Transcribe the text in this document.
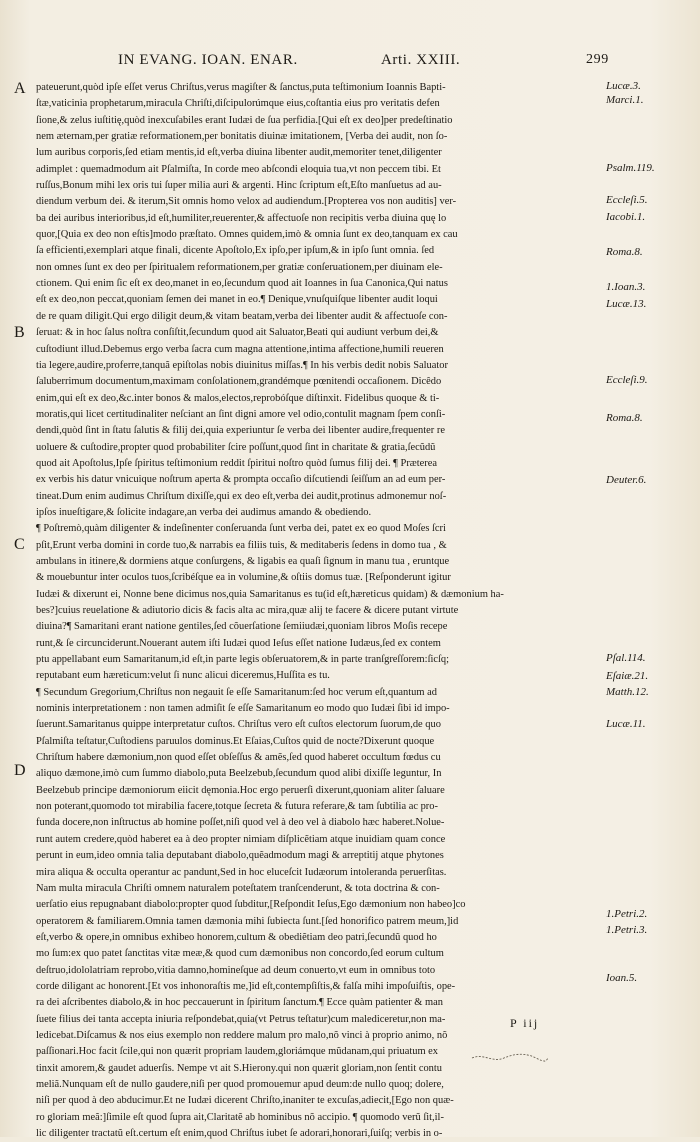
IN EVANG. IOAN. ENAR.	Arti. XXIII.	299
A
B
C
D
pateuerunt,quòd ipſe eſſet verus Chriſtus,verus magiſter & ſanctus,puta teſtimonium Ioannis Bapti-
ſtæ,vaticinia prophetarum,miracula Chriſti,diſcipulorúmque eius,coſtantia eius pro veritatis defen
ſione,& zelus iuſtitię,quòd inexcuſabiles erant Iudæi de ſua perfidia.[Qui eſt ex deo]per predeſtinatio
nem æternam,per gratiæ reformationem,per bonitatis diuinæ imitationem, [Verba dei audit, non ſo-
lum auribus corporis,ſed etiam mentis,id eſt,verba diuina libenter audit,memoriter tenet,diligenter
adimplet : quemadmodum ait Pſalmiſta, In corde meo abſcondi eloquia tua,vt non peccem tibi. Et
ruſſus,Bonum mihi lex oris tui ſuper milia auri & argenti. Hinc ſcriptum eſt,Eſto manſuetus ad au-
diendum verbum dei. & iterum,Sit omnis homo velox ad audiendum.[Propterea vos non auditis] ver-
ba dei auribus interioribus,id eſt,humiliter,reuerenter,& affectuoſe non recipitis verba diuina quę lo
quor,[Quia ex deo non eſtis]modo præſtato. Omnes quidem,imò & omnia ſunt ex deo,tanquam ex cau
ſa efficienti,exemplari atque finali, dicente Apoſtolo,Ex ipſo,per ipſum,& in ipſo ſunt omnia. ſed
non omnes ſunt ex deo per ſpiritualem reformationem,per gratiæ conſeruationem,per diuinam ele-
ctionem. Qui enim ſic eſt ex deo,manet in eo,ſecundum quod ait Ioannes in ſua Canonica,Qui natus
eſt ex deo,non peccat,quoniam ſemen dei manet in eo.¶ Denique,vnuſquiſque libenter audit loqui
de re quam diligit.Qui ergo diligit deum,& vitam beatam,verba dei libenter audit & affectuoſe con-
ſeruat: & in hoc ſalus noſtra conſiſtit,ſecundum quod ait Saluator,Beati qui audiunt verbum dei,&
cuſtodiunt illud.Debemus ergo verba ſacra cum magna attentione,intima affectione,humili reueren
tia legere,audire,proferre,tanquã epiſtolas nobis diuinitus miſſas.¶ In his verbis dedit nobis Saluator
ſaluberrimum documentum,maximam conſolationem,grandémque pœnitendi occaſionem. Dicêdo
enim,qui eſt ex deo,&c.inter bonos & malos,electos,reprobóſque diſtinxit. Fidelibus quoque & ti-
moratis,qui licet certitudinaliter neſciant an ſint digni amore vel odio,contulit magnam ſpem conſi-
dendi,quòd ſint in ſtatu ſalutis & filij dei,quia experiuntur ſe verba dei libenter audire,frequenter re
uoluere & cuſtodire,propter quod probabiliter ſcire poſſunt,quod ſint in charitate & gratia,ſecũdũ
quod ait Apoſtolus,Ipſe ſpiritus teſtimonium reddit ſpiritui noſtro quòd ſumus filij dei. ¶ Præterea
ex verbis his datur vnicuique noſtrum aperta & prompta occaſio diſcutiendi ſeiſſum an ad eum per-
tineat.Dum enim audimus Chriſtum dixiſſe,qui ex deo eſt,verba dei audit,protinus admonemur noſ-
ipſos inueſtigare,& ſolicite indagare,an verba dei audimus amando & obediendo.
¶ Poſtremò,quàm diligenter & indeſinenter conſeruanda ſunt verba dei, patet ex eo quod Moſes ſcri
pſit,Erunt verba domini in corde tuo,& narrabis ea filiis tuis, & meditaberis ſedens in domo tua , &
ambulans in itinere,& dormiens atque conſurgens, & ligabis ea quaſi ſignum in manu tua , eruntque
& mouebuntur inter oculos tuos,ſcribéſque ea in volumine,& oſtiis domus tuæ. [Reſponderunt igitur
Iudæi & dixerunt ei, Nonne bene dicimus nos,quia Samaritanus es tu(id eſt,hæreticus quidam) & dæmonium ha-
bes?]cuius reuelatione & adiutorio dicis & facis alta ac mira,quæ alij te facere & dicere putant virtute
diuina?¶ Samaritani erant natione gentiles,ſed cõuerſatione ſemiiudæi,quoniam libros Moſis recepe
runt,& ſe circunciderunt.Nouerant autem iſti Iudæi quod Ieſus eſſet natione Iudæus,ſed ex contem
ptu appellabant eum Samaritanum,id eſt,in parte legis obſeruatorem,& in parte tranſgreſſorem:ſicſq;
reputabant eum hæreticum:velut ſi nunc alicui diceremus,Huſſita es tu.
¶ Secundum Gregorium,Chriſtus non negauit ſe eſſe Samaritanum:ſed hoc verum eſt,quantum ad
nominis interpretationem : non tamen admiſit ſe eſſe Samaritanum eo modo quo Iudæi ſibi id impo-
ſuerunt.Samaritanus quippe interpretatur cuſtos. Chriſtus vero eſt cuſtos electorum ſuorum,de quo
Pſalmiſta teſtatur,Cuſtodiens paruulos dominus.Et Eſaias,Cuſtos quid de nocte?Dixerunt quoque
Chriſtum habere dæmonium,non quod eſſet obſeſſus & amẽs,ſed quod haberet occultum fœdus cu
aliquo dæmone,imò cum ſummo diabolo,puta Beelzebub,ſecundum quod alibi dixiſſe leguntur, In
Beelzebub principe dæmoniorum eiicit dęmonia.Hoc ergo peruerſi dixerunt,quoniam aliter ſaluare
non poterant,quomodo tot mirabilia facere,totque ſecreta & futura referare,& tam ſubtilia ac pro-
funda docere,non inſtructus ab homine poſſet,niſi quod vel à deo vel à diabolo hæc haberet.Nolue-
runt autem credere,quòd haberet ea à deo propter nimiam diſplicẽtiam atque inuidiam quam conce
perunt in eum,ideo omnia talia deputabant diabolo,quẽadmodum magi & arreptitij atque phytones
mira aliqua & occulta operantur ac pandunt,Sed in hoc eluceſcit Iudæorum intoleranda peruerſitas.
Nam multa miracula Chriſti omnem naturalem poteſtatem tranſcenderunt, & tota doctrina & con-
uerſatio eius repugnabant diabolo:propter quod ſubditur,[Reſpondit Ieſus,Ego dæmonium non habeo]co
operatorem & familiarem.Omnia tamen dæmonia mihi ſubiecta ſunt.[ſed honorifico patrem meum,]id
eſt,verbo & opere,in omnibus exhibeo honorem,cultum & obediẽtiam deo patri,ſecundũ quod ho
mo ſum:ex quo patet ſanctitas vitæ meæ,& quod cum dæmonibus non concordo,ſed eorum cultum
deſtruo,idololatriam reprobo,vitia damno,homineſque ad deum conuerto,vt eum in omnibus toto
corde diligant ac honorent.[Et vos inhonoraſtis me,]id eſt,contempſiſtis,& falſa mihi impoſuiſtis, ope-
ra dei aſcribentes diabolo,& in hoc peccauerunt in ſpiritum ſanctum.¶ Ecce quàm patienter & man
ſuete filius dei tanta accepta iniuria reſpondebat,quia(vt Petrus teſtatur)cum malediceretur,non ma-
ledicebat.Diſcamus & nos eius exemplo non reddere malum pro malo,nõ vinci à proprio animo, nõ
paſſionari.Hoc facit ſcile,qui non quærit propriam laudem,gloriámque mũdanam,qui priuatum ex
tinxit amorem,& gaudet aduerſis. Nempe vt ait S.Hierony.qui non quærit gloriam,non ſentit contu
meliã.Nunquam eſt de nullo gaudere,niſi per quod promouemur apud deum:de nullo quoq; dolere,
niſi per quod à deo abducimur.Et ne Iudæi dicerent Chriſto,inaniter te excuſas,adiecit,[Ego non quæ-
ro gloriam meã:]ſimile eſt quod ſupra ait,Claritatẽ ab hominibus nõ accipio. ¶ quomodo verũ ſit,il-
lic diligenter tractatũ eſt.certum eſt enim,quod Chriſtus iubet ſe adorari,honorari,ſuiſq; verbis in o-
Lucæ.3.
Marci.1.
Psalm.119.
Eccleſi.5.
Iacobi.1.
Roma.8.
1.Ioan.3.
Lucæ.13.
Eccleſi.9.
Roma.8.
Deuter.6.
Pſal.114.
Eſaiæ.21.
Matth.12.
Lucæ.11.
1.Petri.2.
1.Petri.3.
Ioan.5.
P iij
